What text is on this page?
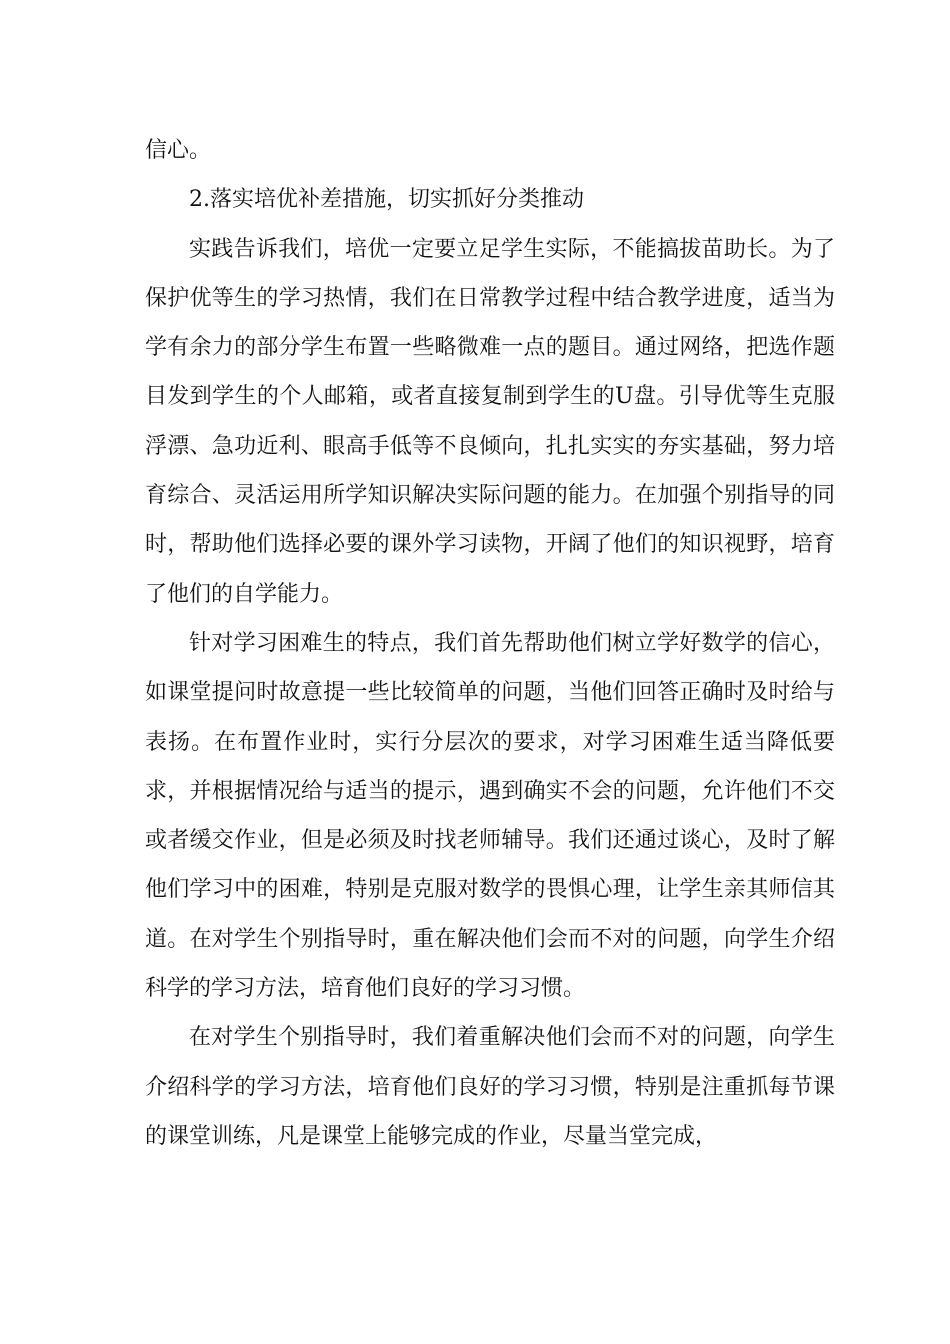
信心。

2.落实培优补差措施，切实抓好分类推动

实践告诉我们，培优一定要立足学生实际，不能搞拔苗助长。为了保护优等生的学习热情，我们在日常教学过程中结合教学进度，适当为学有余力的部分学生布置一些略微难一点的题目。通过网络，把选作题目发到学生的个人邮箱，或者直接复制到学生的U盘。引导优等生克服浮漂、急功近利、眼高手低等不良倾向，扎扎实实的夯实基础，努力培育综合、灵活运用所学知识解决实际问题的能力。在加强个别指导的同时，帮助他们选择必要的课外学习读物，开阔了他们的知识视野，培育了他们的自学能力。

针对学习困难生的特点，我们首先帮助他们树立学好数学的信心，如课堂提问时故意提一些比较简单的问题，当他们回答正确时及时给与表扬。在布置作业时，实行分层次的要求，对学习困难生适当降低要求，并根据情况给与适当的提示，遇到确实不会的问题，允许他们不交或者缓交作业，但是必须及时找老师辅导。我们还通过谈心，及时了解他们学习中的困难，特别是克服对数学的畏惧心理，让学生亲其师信其道。在对学生个别指导时，重在解决他们会而不对的问题，向学生介绍科学的学习方法，培育他们良好的学习习惯。

在对学生个别指导时，我们着重解决他们会而不对的问题，向学生介绍科学的学习方法，培育他们良好的学习习惯，特别是注重抓每节课的课堂训练，凡是课堂上能够完成的作业，尽量当堂完成，
